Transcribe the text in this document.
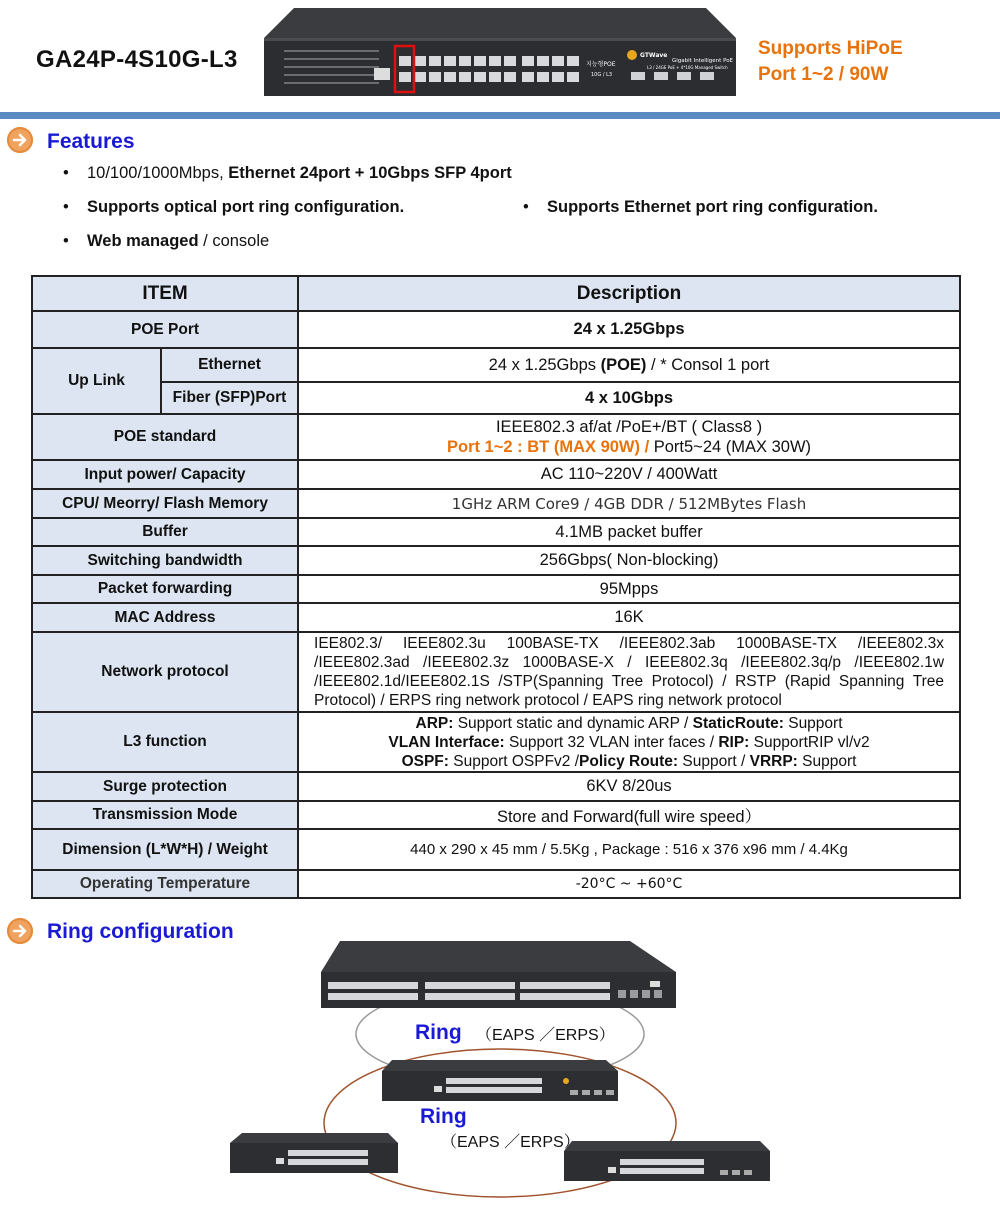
GA24P-4S10G-L3	지능형POE
10G / L3
GTWave
Gigabit Intelligent PoE
L3 / 24GE PoE + 4*10G Managed Switch
Supports HiPoE
Port 1~2 / 90W
Features
• 10/100/1000Mbps, Ethernet 24port + 10Gbps SFP 4port
• Supports optical port ring configuration.	• Supports Ethernet port ring configuration.
• Web managed / console
ITEM		Description
POE Port		24 x 1.25Gbps
Up Link	Ethernet	24 x 1.25Gbps (POE) / * Consol 1 port
	Fiber (SFP)Port	4 x 10Gbps
POE standard		IEEE802.3 af/at /PoE+/BT ( Class8 )
Port 1~2 : BT (MAX 90W) / Port5~24 (MAX 30W)

Input power/ Capacity		AC 110~220V / 400Watt
CPU/ Meorry/ Flash Memory		1GHz ARM Core9 / 4GB DDR / 512MBytes Flash
Buffer		4.1MB packet buffer
Switching bandwidth		256Gbps( Non-blocking)
Packet forwarding		95Mpps
MAC Address		16K
Network protocol		IEE802.3/ IEEE802.3u 100BASE-TX /IEEE802.3ab 1000BASE-TX /IEEE802.3x /IEEE802.3ad /IEEE802.3z 1000BASE-X / IEEE802.3q /IEEE802.3q/p /IEEE802.1w /IEEE802.1d/IEEE802.1S /STP(Spanning Tree Protocol) / RSTP (Rapid Spanning Tree Protocol) / ERPS ring network protocol / EAPS ring network protocol
L3 function		ARP: Support static and dynamic ARP / StaticRoute: Support
VLAN Interface: Support 32 VLAN inter faces / RIP: SupportRIP vl/v2
OSPF: Support OSPFv2 /Policy Route: Support / VRRP: Support

Surge protection		6KV 8/20us
Transmission Mode		Store and Forward(full wire speed）
Dimension (L*W*H) / Weight		440 x 290 x 45 mm / 5.5Kg , Package : 516 x 376 x96 mm / 4.4Kg
Operating Temperature		-20°C ~ +60°C
Ring configuration
Ring （EAPS ／ERPS）
Ring
（EAPS ／ERPS）
